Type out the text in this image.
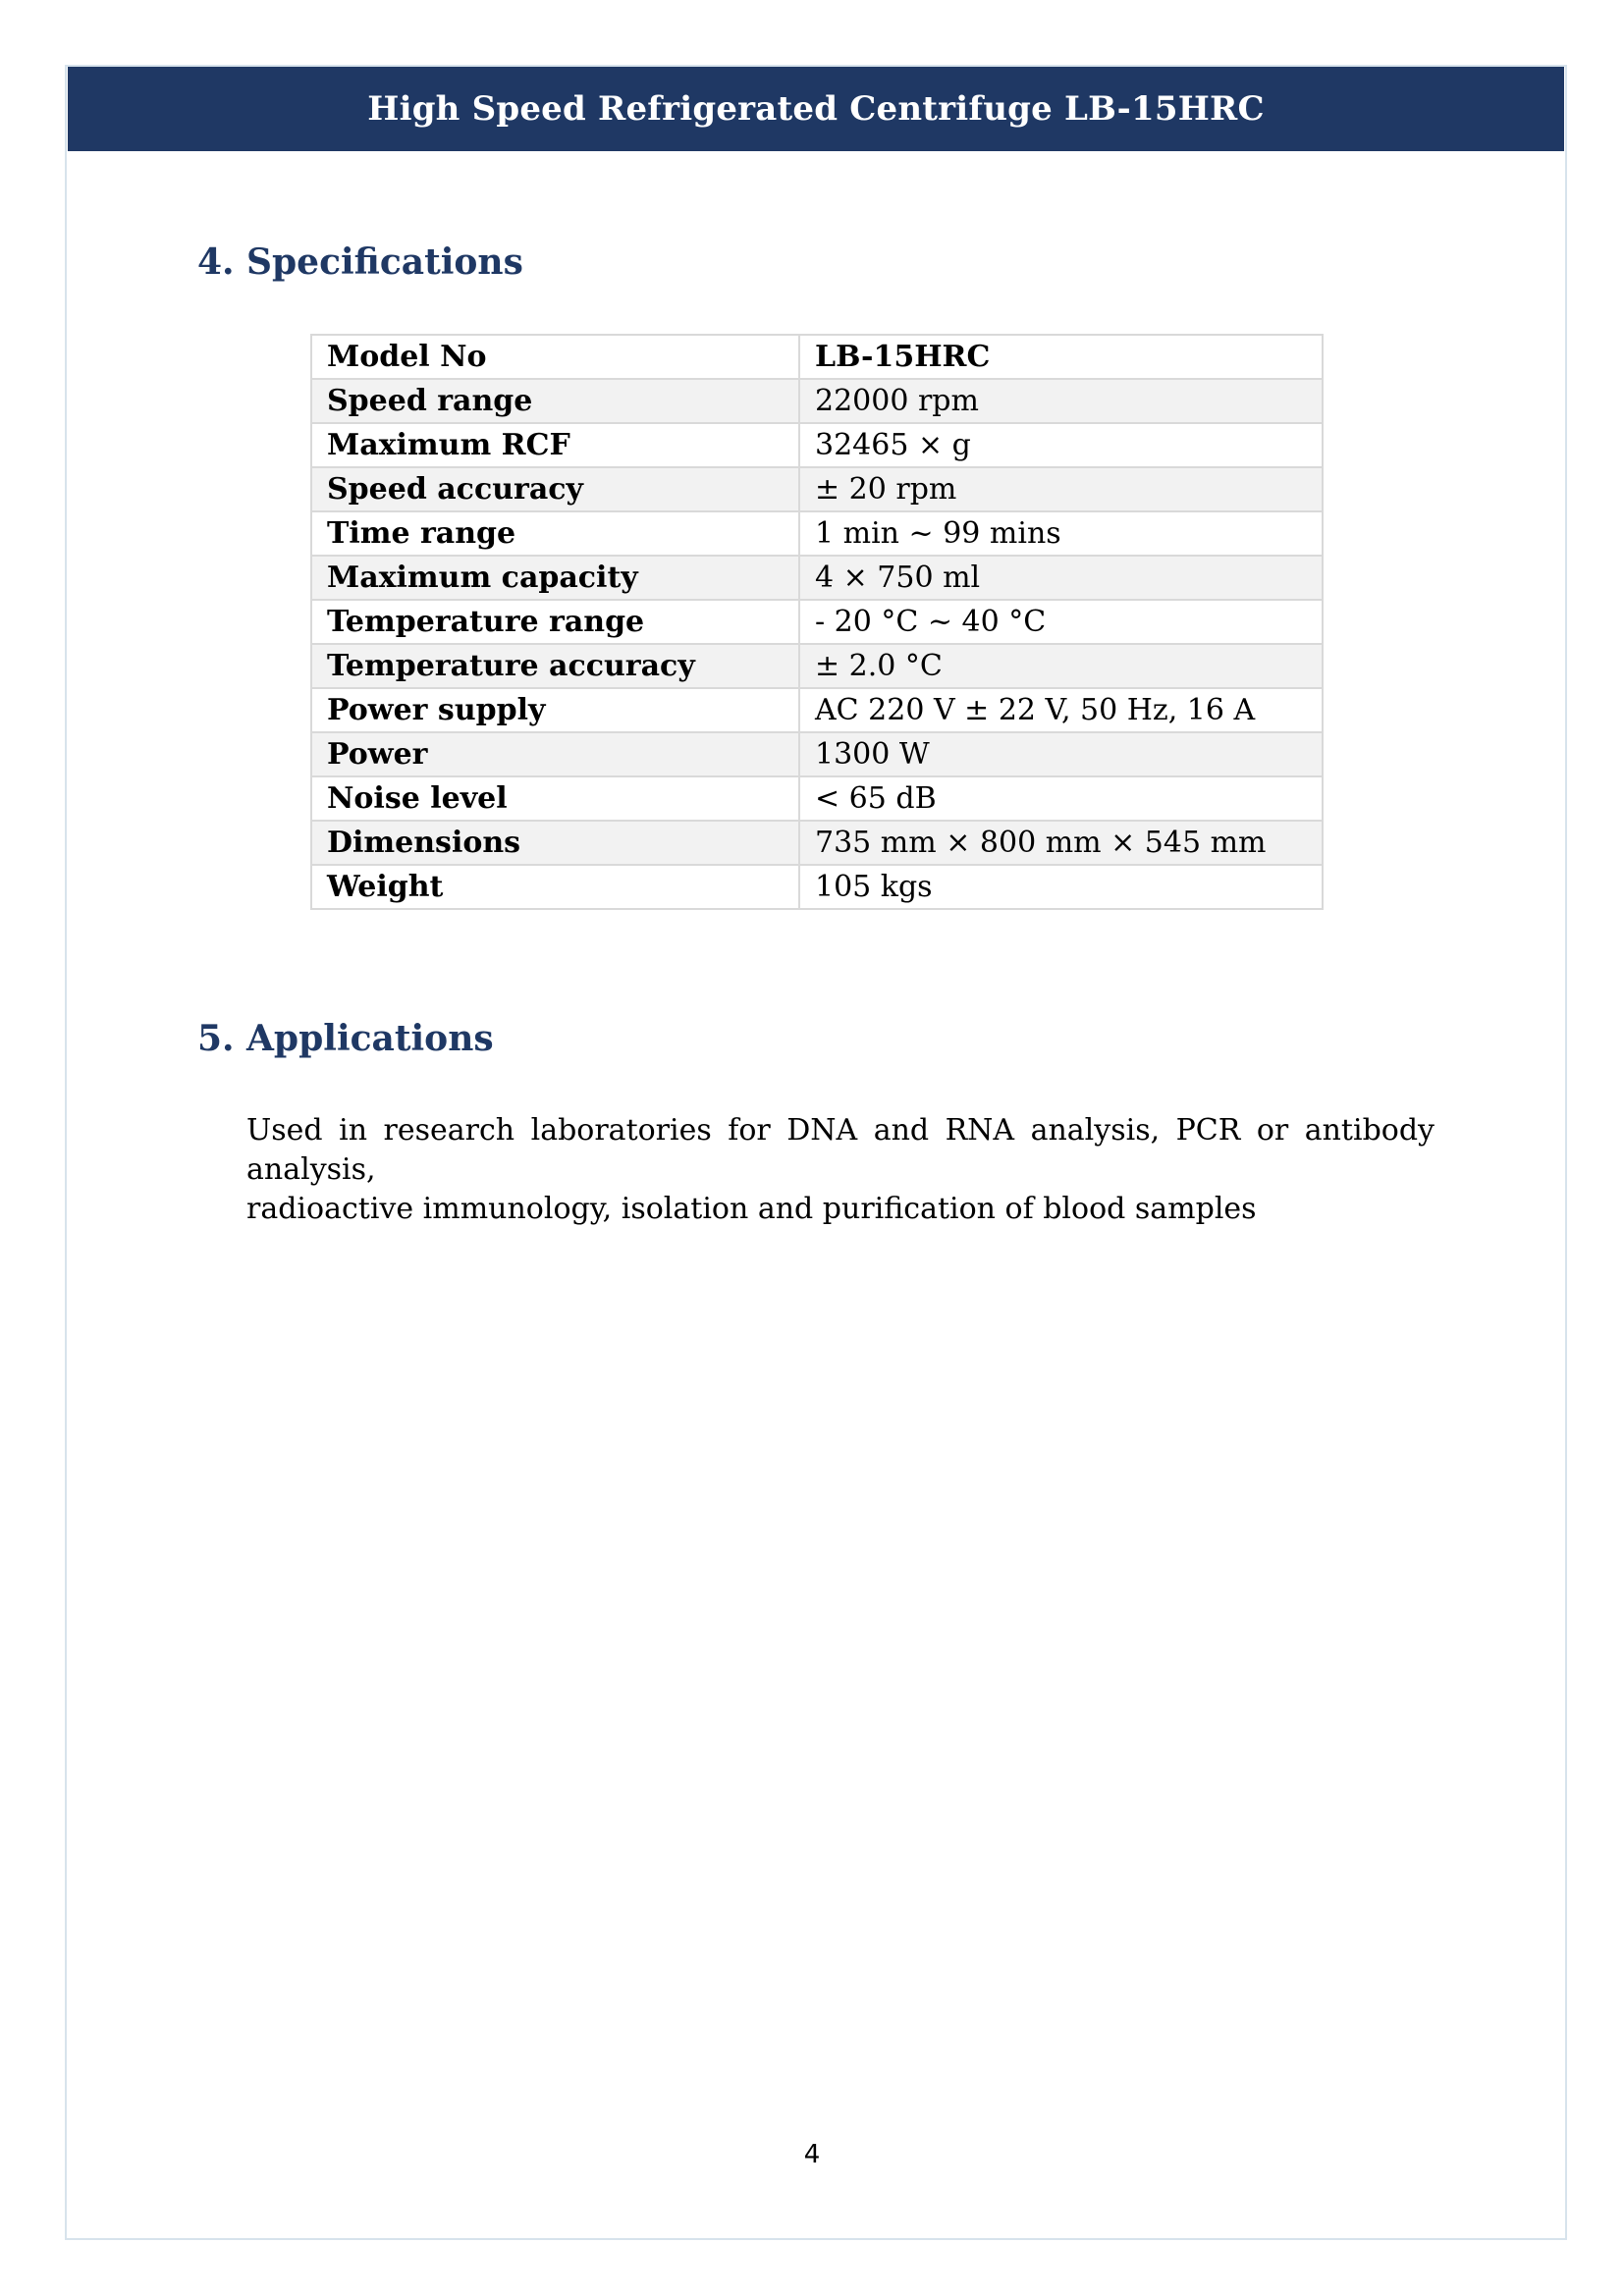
High Speed Refrigerated Centrifuge LB-15HRC
4. Specifications
Model No	LB-15HRC
Speed range	22000 rpm
Maximum RCF	32465 × g
Speed accuracy	± 20 rpm
Time range	1 min ~ 99 mins
Maximum capacity	4 × 750 ml
Temperature range	- 20 °C ~ 40 °C
Temperature accuracy	± 2.0 °C
Power supply	AC 220 V ± 22 V, 50 Hz, 16 A
Power	1300 W
Noise level	< 65 dB
Dimensions	735 mm × 800 mm × 545 mm
Weight	105 kgs
5. Applications
Used in research laboratories for DNA and RNA analysis, PCR or antibody analysis,
radioactive immunology, isolation and purification of blood samples
4
